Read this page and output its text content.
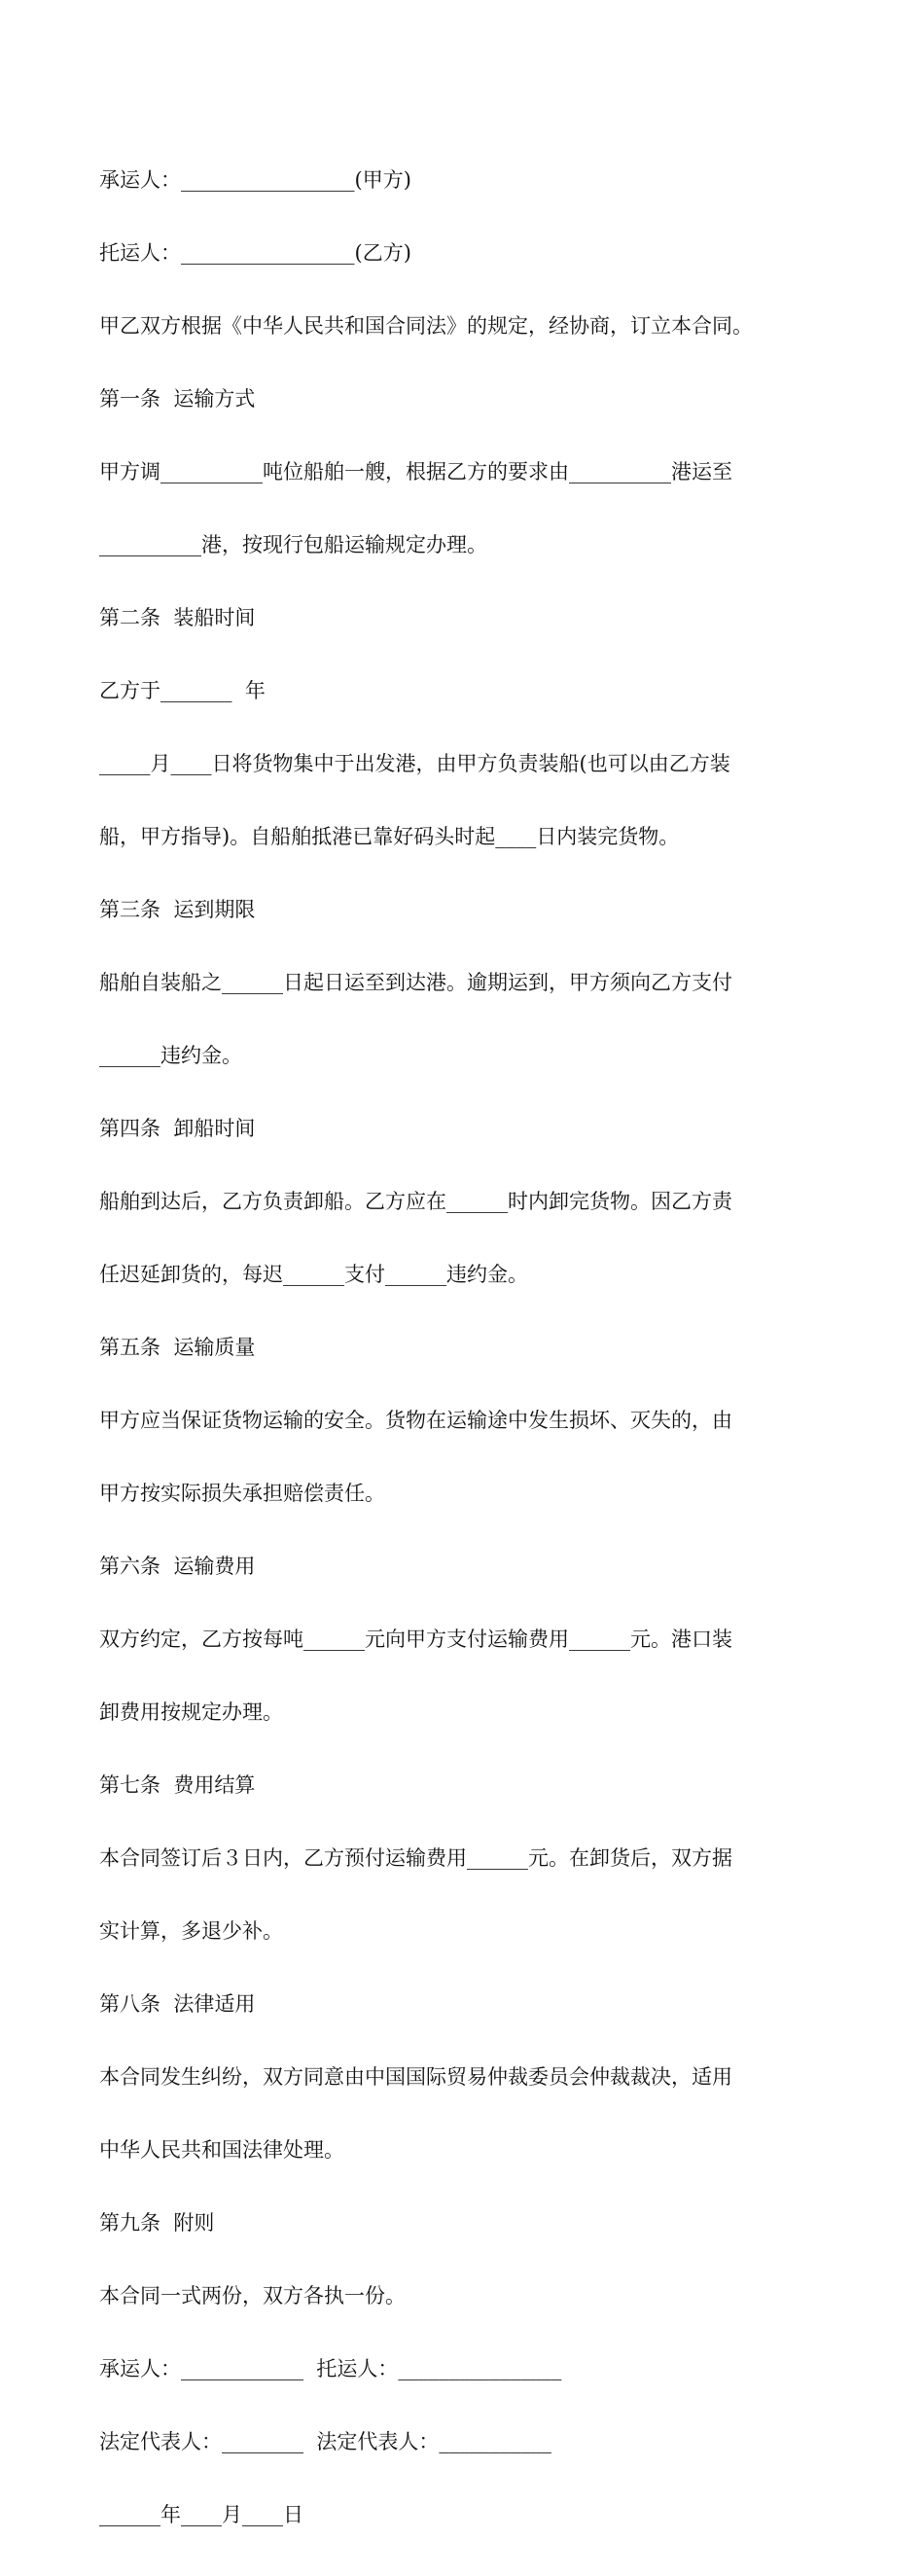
承运人：_________________(甲方)

托运人：_________________(乙方)

甲乙双方根据《中华人民共和国合同法》的规定，经协商，订立本合同。

第一条  运输方式

甲方调__________吨位船舶一艘，根据乙方的要求由__________港运至

__________港，按现行包船运输规定办理。

第二条  装船时间

乙方于_______  年

_____月____日将货物集中于出发港，由甲方负责装船(也可以由乙方装

船，甲方指导)。自船舶抵港已靠好码头时起____日内装完货物。

第三条  运到期限

船舶自装船之______日起日运至到达港。逾期运到，甲方须向乙方支付

______违约金。

第四条  卸船时间

船舶到达后，乙方负责卸船。乙方应在______时内卸完货物。因乙方责

任迟延卸货的，每迟______支付______违约金。

第五条  运输质量

甲方应当保证货物运输的安全。货物在运输途中发生损坏、灭失的，由

甲方按实际损失承担赔偿责任。

第六条  运输费用

双方约定，乙方按每吨______元向甲方支付运输费用______元。港口装

卸费用按规定办理。

第七条  费用结算

本合同签订后３日内，乙方预付运输费用______元。在卸货后，双方据

实计算，多退少补。

第八条  法律适用

本合同发生纠纷，双方同意由中国国际贸易仲裁委员会仲裁裁决，适用

中华人民共和国法律处理。

第九条  附则

本合同一式两份，双方各执一份。

承运人：____________  托运人：________________

法定代表人：________  法定代表人：___________

______年____月____日
